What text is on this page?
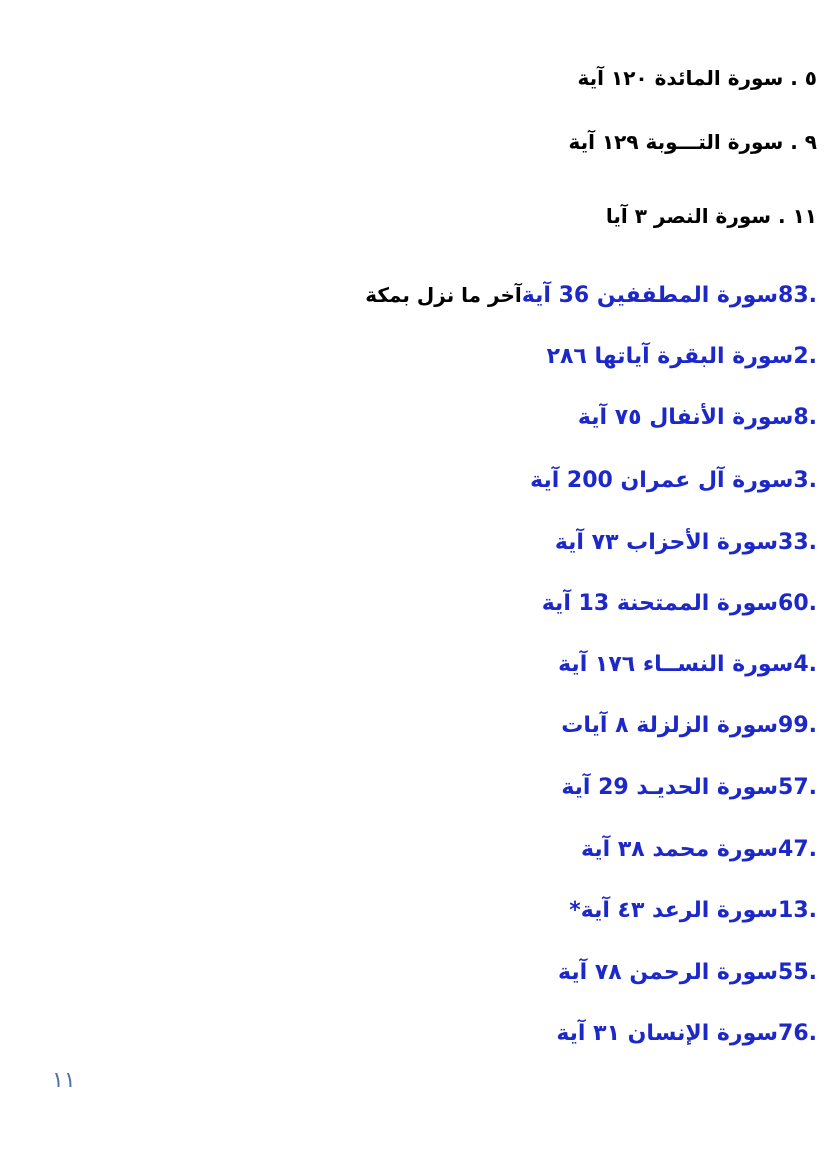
٥ . سورة المائدة ١٢٠ آية
٩ . سورة التـــوبة ١٢٩ آية
١١ . سورة النصر ٣ آيا
.83سورة المطففين 36 آيةآخر ما نزل بمكة
.2سورة البقرة آياتها ٢٨٦
.8سورة الأنفال ٧٥ آية
.3سورة آل عمران 200 آية
.33سورة الأحزاب ٧٣ آية
.60سورة الممتحنة 13 آية
.4سورة النســاء ١٧٦ آية
.99سورة الزلزلة ٨ آيات
.57سورة الحديـد 29 آية
.47سورة محمد ٣٨ آية
.13سورة الرعد ٤٣ آية*
.55سورة الرحمن ٧٨ آية
.76سورة الإنسان ٣١ آية
١١
